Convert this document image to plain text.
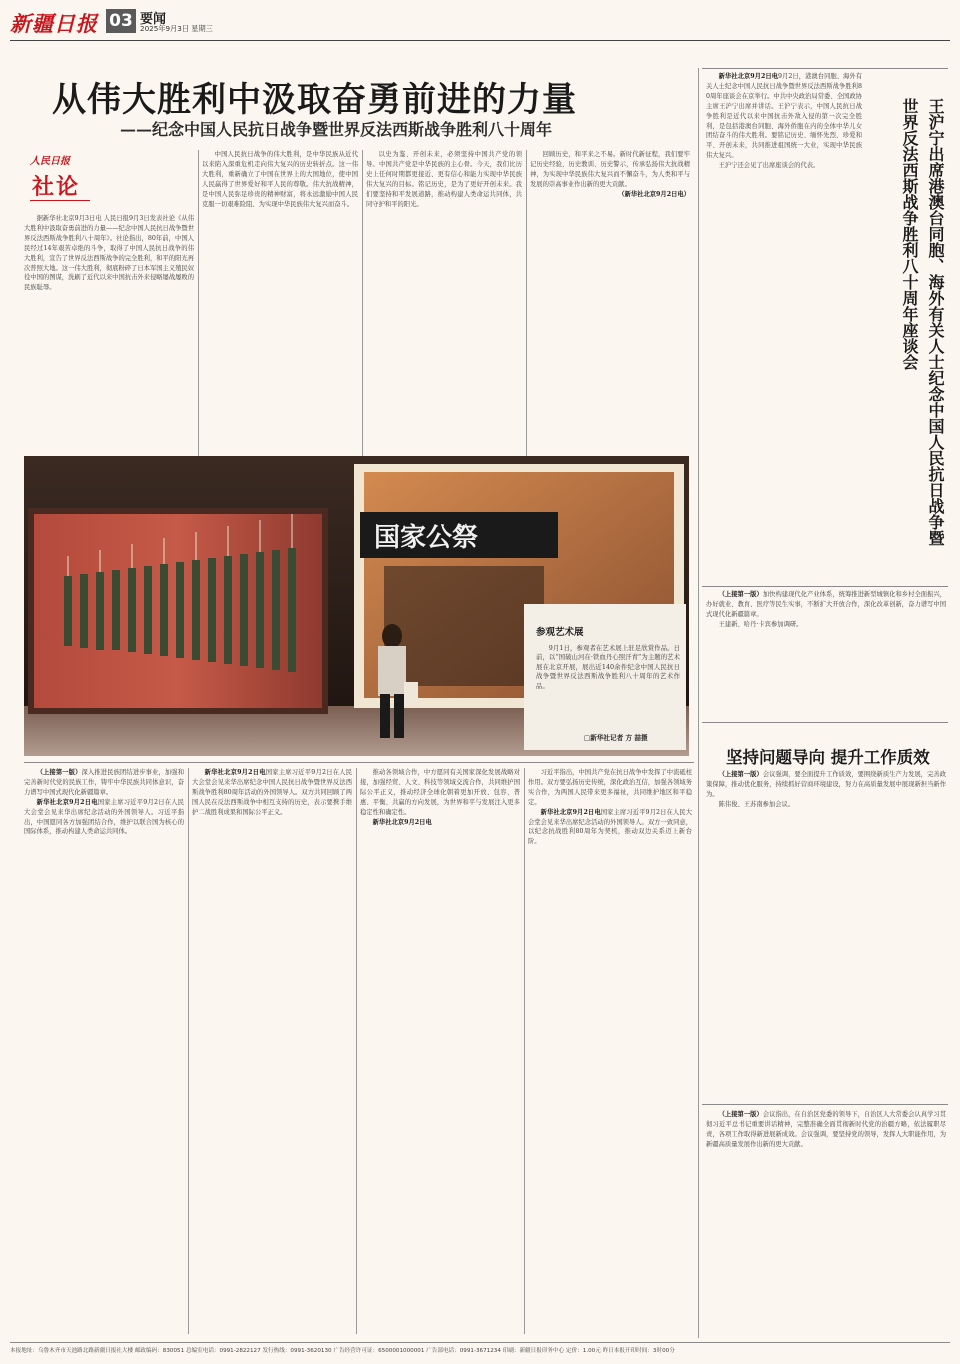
新疆日报 03 要闻
2025年9月3日 星期三
从伟大胜利中汲取奋勇前进的力量
——纪念中国人民抗日战争暨世界反法西斯战争胜利八十周年
人民日报
社论

据新华社北京9月3日电 人民日报9月3日发表社论《从伟大胜利中汲取奋勇前进的力量——纪念中国人民抗日战争暨世界反法西斯战争胜利八十周年》。社论指出，80年前，中国人民经过14年艰苦卓绝的斗争，取得了中国人民抗日战争的伟大胜利，宣告了世界反法西斯战争的完全胜利，和平的阳光再次普照大地。这一伟大胜利，彻底粉碎了日本军国主义殖民奴役中国的图谋，洗刷了近代以来中国抗击外来侵略屡战屡败的民族耻辱。

中国人民抗日战争的伟大胜利，是中华民族从近代以来陷入深重危机走向伟大复兴的历史转折点。这一伟大胜利，重新确立了中国在世界上的大国地位，使中国人民赢得了世界爱好和平人民的尊敬。伟大抗战精神，是中国人民弥足珍贵的精神财富，将永远激励中国人民克服一切艰难险阻、为实现中华民族伟大复兴而奋斗。

以史为鉴、开创未来，必须坚持中国共产党的领导。中国共产党是中华民族的主心骨。今天，我们比历史上任何时期都更接近、更有信心和能力实现中华民族伟大复兴的目标。铭记历史，是为了更好开创未来。我们要坚持和平发展道路，推动构建人类命运共同体，共同守护和平的阳光。

回顾历史，和平来之不易。新时代新征程，我们要牢记历史经验、历史教训、历史警示，传承弘扬伟大抗战精神，为实现中华民族伟大复兴而不懈奋斗，为人类和平与发展的崇高事业作出新的更大贡献。

（新华社北京9月2日电）

国家公祭
参观艺术展

9月1日，参观者在艺术展上驻足欣赏作品。日前，以“国破山河在·铁血丹心照汗青”为主题的艺术展在北京开展，展出近140余件纪念中国人民抗日战争暨世界反法西斯战争胜利八十周年的艺术作品。

□新华社记者 方 喆摄
王沪宁出席港澳台同胞、海外有关人士纪念中国人民抗日战争暨世界反法西斯战争胜利八十周年座谈会

新华社北京9月2日电9月2日，港澳台同胞、海外有关人士纪念中国人民抗日战争暨世界反法西斯战争胜利80周年座谈会在京举行。中共中央政治局常委、全国政协主席王沪宁出席并讲话。王沪宁表示，中国人民抗日战争胜利是近代以来中国抗击外敌入侵的第一次完全胜利，是包括港澳台同胞、海外侨胞在内的全体中华儿女团结奋斗的伟大胜利。要铭记历史、缅怀先烈、珍爱和平、开创未来，共同推进祖国统一大业，实现中华民族伟大复兴。

王沪宁还会见了出席座谈会的代表。

（上接第一版）加快构建现代化产业体系，统筹推进新型城镇化和乡村全面振兴，办好就业、教育、医疗等民生实事，不断扩大开放合作，深化改革创新，奋力谱写中国式现代化新疆篇章。

王建新、哈丹·卡宾参加调研。

坚持问题导向 提升工作质效

（上接第一版）会议强调，要全面提升工作质效，要围绕新质生产力发展，完善政策保障，推动优化服务，持续抓好营商环境建设，努力在高质量发展中展现新担当新作为。

陈伟俊、王苏南参加会议。

（上接第一版）会议指出，在自治区党委的领导下，自治区人大常委会认真学习贯彻习近平总书记重要讲话精神，完整准确全面贯彻新时代党的治疆方略，依法履职尽责，各项工作取得新进展新成效。会议强调，要坚持党的领导，发挥人大职能作用，为新疆高质量发展作出新的更大贡献。

（上接第一版）深入推进民族团结进步事业，加强和完善新时代党的民族工作，铸牢中华民族共同体意识，奋力谱写中国式现代化新疆篇章。

新华社北京9月2日电国家主席习近平9月2日在人民大会堂会见来华出席纪念活动的外国领导人。习近平指出，中国愿同各方加强团结合作，维护以联合国为核心的国际体系，推动构建人类命运共同体。

新华社北京9月2日电国家主席习近平9月2日在人民大会堂会见来华出席纪念中国人民抗日战争暨世界反法西斯战争胜利80周年活动的外国领导人。双方共同回顾了两国人民在反法西斯战争中相互支持的历史，表示要携手维护二战胜利成果和国际公平正义。

推动各领域合作，中方愿同有关国家深化发展战略对接，加强经贸、人文、科技等领域交流合作，共同维护国际公平正义，推动经济全球化朝着更加开放、包容、普惠、平衡、共赢的方向发展，为世界和平与发展注入更多稳定性和确定性。

新华社北京9月2日电

习近平指出，中国共产党在抗日战争中发挥了中流砥柱作用。双方要弘扬历史传统，深化政治互信，加强各领域务实合作，为两国人民带来更多福祉，共同维护地区和平稳定。

新华社北京9月2日电国家主席习近平9月2日在人民大会堂会见来华出席纪念活动的外国领导人。双方一致同意，以纪念抗战胜利80周年为契机，推动双边关系迈上新台阶。

本报地址：乌鲁木齐市天池路北路新疆日报社大楼 邮政编码：830051 总编室电话：0991-2822127 发行热线：0991-3620130 广告经营许可证：6500001000001 广告部电话：0991-3671234 印刷：新疆日报印务中心 定价：1.00元 昨日本报开印时间：3时00分
